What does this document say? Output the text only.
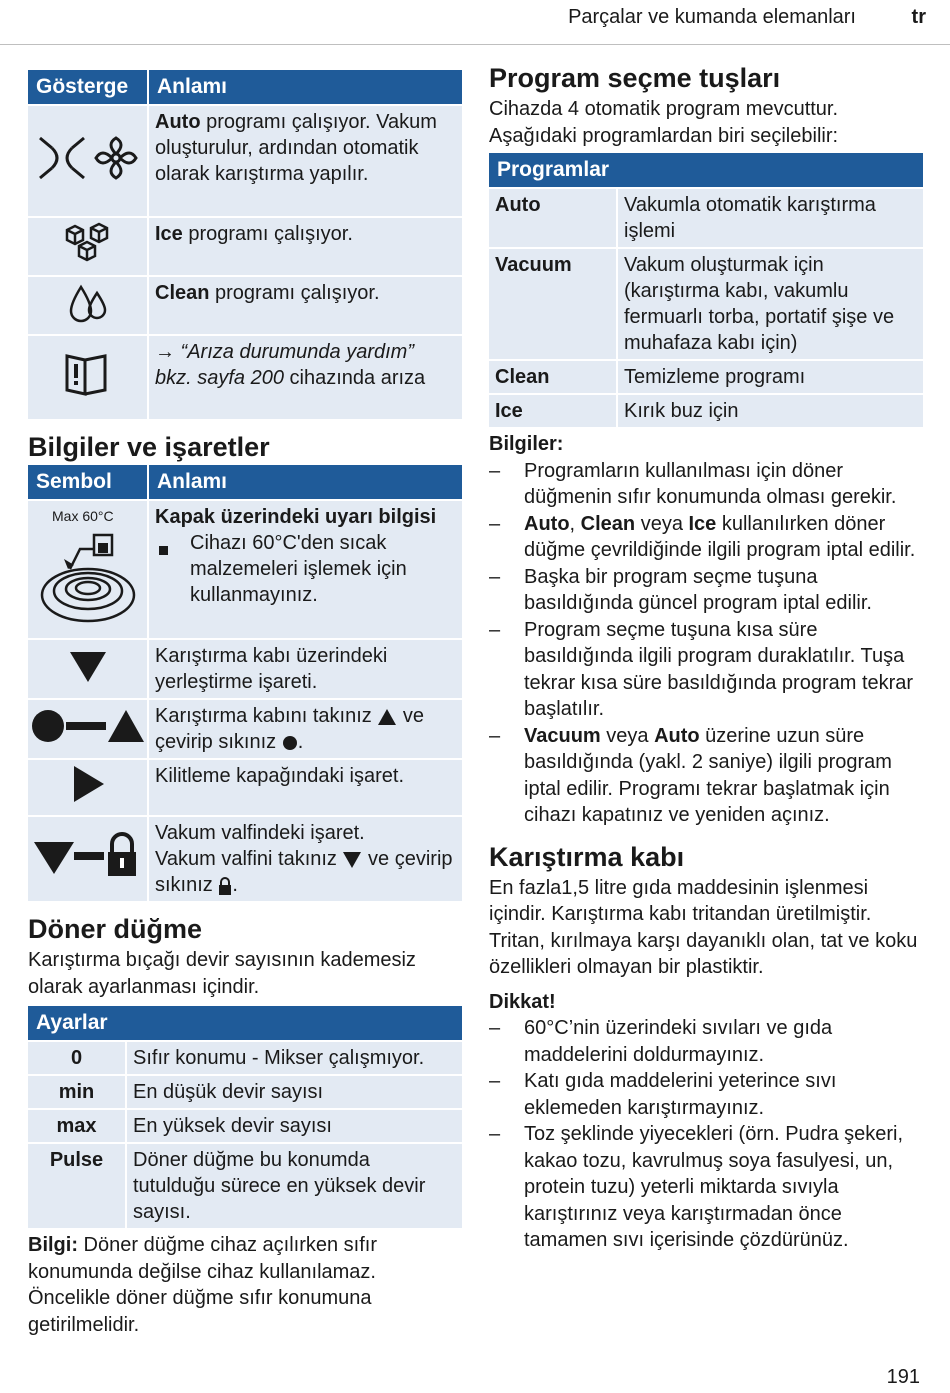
Parçalar ve kumanda elemanları	tr
Gösterge	Anlamı
	Auto programı çalışıyor. Vakum oluşturulur, ardından otomatik olarak karıştırma yapılır.
	Ice programı çalışıyor.
	Clean programı çalışıyor.
	→ “Arıza durumunda yardım” bkz. sayfa 200 cihazında arıza
Bilgiler ve işaretler
Sembol	Anlamı

Max 60°C	Kapak üzerindeki uyarı bilgisi
Cihazı 60°C'den sıcak malzemeleri işlemek için kullanmayınız.

	Karıştırma kabı üzerindeki yerleştirme işareti.
	Karıştırma kabını takınız  ve çevirip sıkınız .
	Kilitleme kapağındaki işaret.

Vakum valfindeki işaret.
Vakum valfini takınız  ve çevirip sıkınız .
Döner düğme

Karıştırma bıçağı devir sayısının kademesiz olarak ayarlanması içindir.

Ayarlar	
0	Sıfır konumu - Mikser çalışmıyor.
min	En düşük devir sayısı
max	En yüksek devir sayısı
Pulse	Döner düğme bu konumda tutulduğu sürece en yüksek devir sayısı.

Bilgi: Döner düğme cihaz açılırken sıfır konumunda değilse cihaz kullanılamaz. Öncelikle döner düğme sıfır konumuna getirilmelidir.

Program seçme tuşları

Cihazda 4 otomatik program mevcuttur. Aşağıdaki programlardan biri seçilebilir:

Programlar	
Auto	Vakumla otomatik karıştırma işlemi
Vacuum	Vakum oluşturmak için (karıştırma kabı, vakumlu fermuarlı torba, portatif şişe ve muhafaza kabı için)
Clean	Temizleme programı
Ice	Kırık buz için

Bilgiler:

– Programların kullanılması için döner düğmenin sıfır konumunda olması gerekir.
– Auto, Clean veya Ice kullanılırken döner düğme çevrildiğinde ilgili program iptal edilir.
– Başka bir program seçme tuşuna basıldığında güncel program iptal edilir.
– Program seçme tuşuna kısa süre basıldığında ilgili program duraklatılır. Tuşa tekrar kısa süre basıldığında program tekrar başlatılır.
– Vacuum veya Auto üzerine uzun süre basıldığında (yakl. 2 saniye) ilgili program iptal edilir. Programı tekrar başlatmak için cihazı kapatınız ve yeniden açınız.
Karıştırma kabı

En fazla1,5 litre gıda maddesinin işlenmesi içindir. Karıştırma kabı tritandan üretilmiştir. Tritan, kırılmaya karşı dayanıklı olan, tat ve koku özellikleri olmayan bir plastiktir.

Dikkat!

– 60°C’nin üzerindeki sıvıları ve gıda maddelerini doldurmayınız.
– Katı gıda maddelerini yeterince sıvı eklemeden karıştırmayınız.
– Toz şeklinde yiyecekleri (örn. Pudra şekeri, kakao tozu, kavrulmuş soya fasulyesi, un, protein tuzu) yeterli miktarda sıvıyla karıştırınız veya karıştırmadan önce tamamen sıvı içerisinde çözdürünüz.
191
